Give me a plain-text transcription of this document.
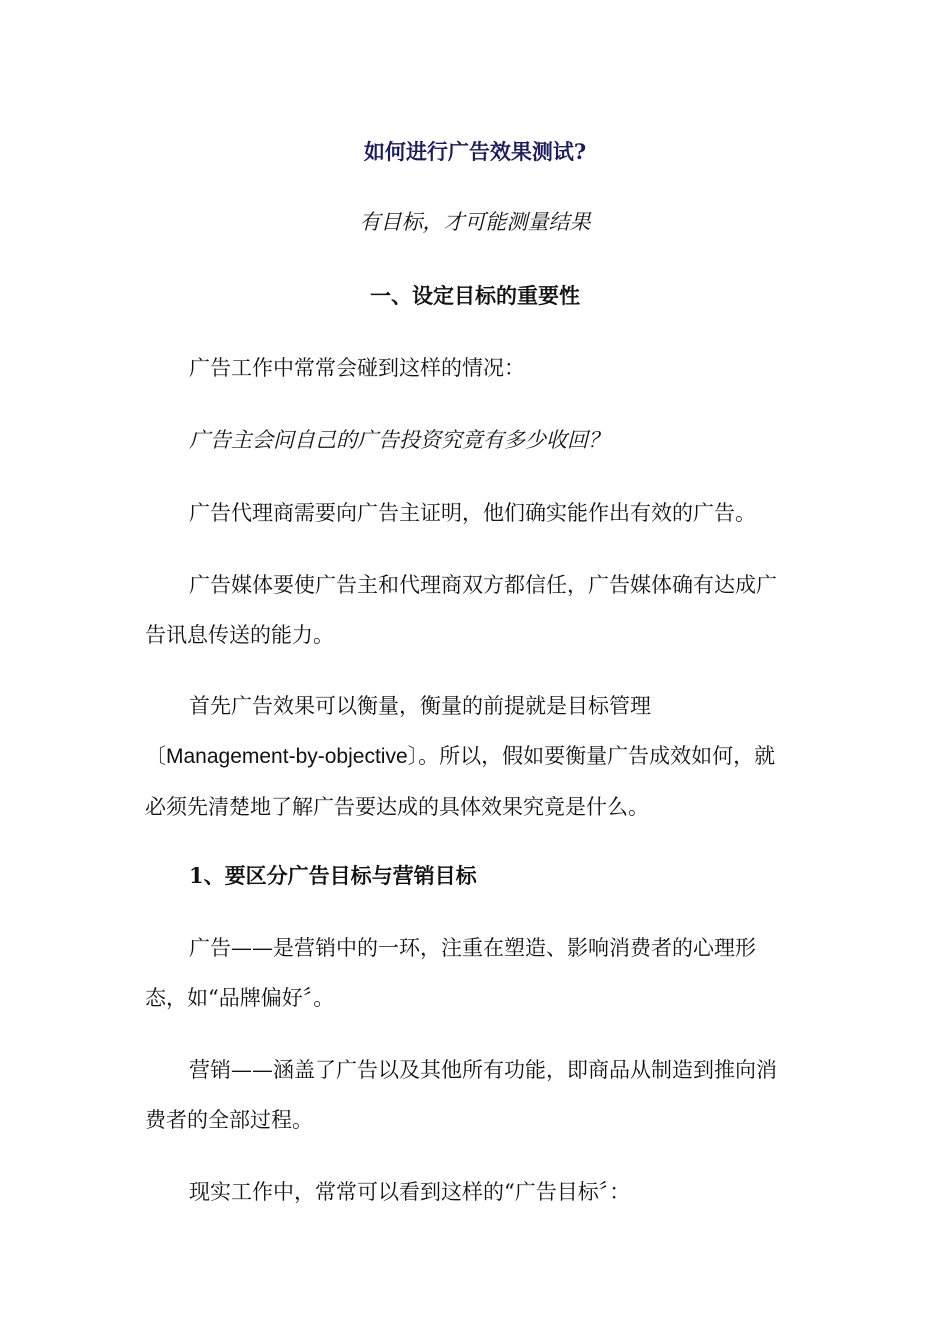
如何进行广告效果测试?
有目标，才可能测量结果
一、设定目标的重要性

广告工作中常常会碰到这样的情况：

广告主会问自己的广告投资究竟有多少收回？

广告代理商需要向广告主证明，他们确实能作出有效的广告。

广告媒体要使广告主和代理商双方都信任，广告媒体确有达成广告讯息传送的能力。

首先广告效果可以衡量，衡量的前提就是目标管理〔Management-by-objective〕。所以，假如要衡量广告成效如何，就必须先清楚地了解广告要达成的具体效果究竟是什么。

1、要区分广告目标与营销目标

广告——是营销中的一环，注重在塑造、影响消费者的心理形态，如“品牌偏好〞。

营销——涵盖了广告以及其他所有功能，即商品从制造到推向消费者的全部过程。

现实工作中，常常可以看到这样的“广告目标〞：
